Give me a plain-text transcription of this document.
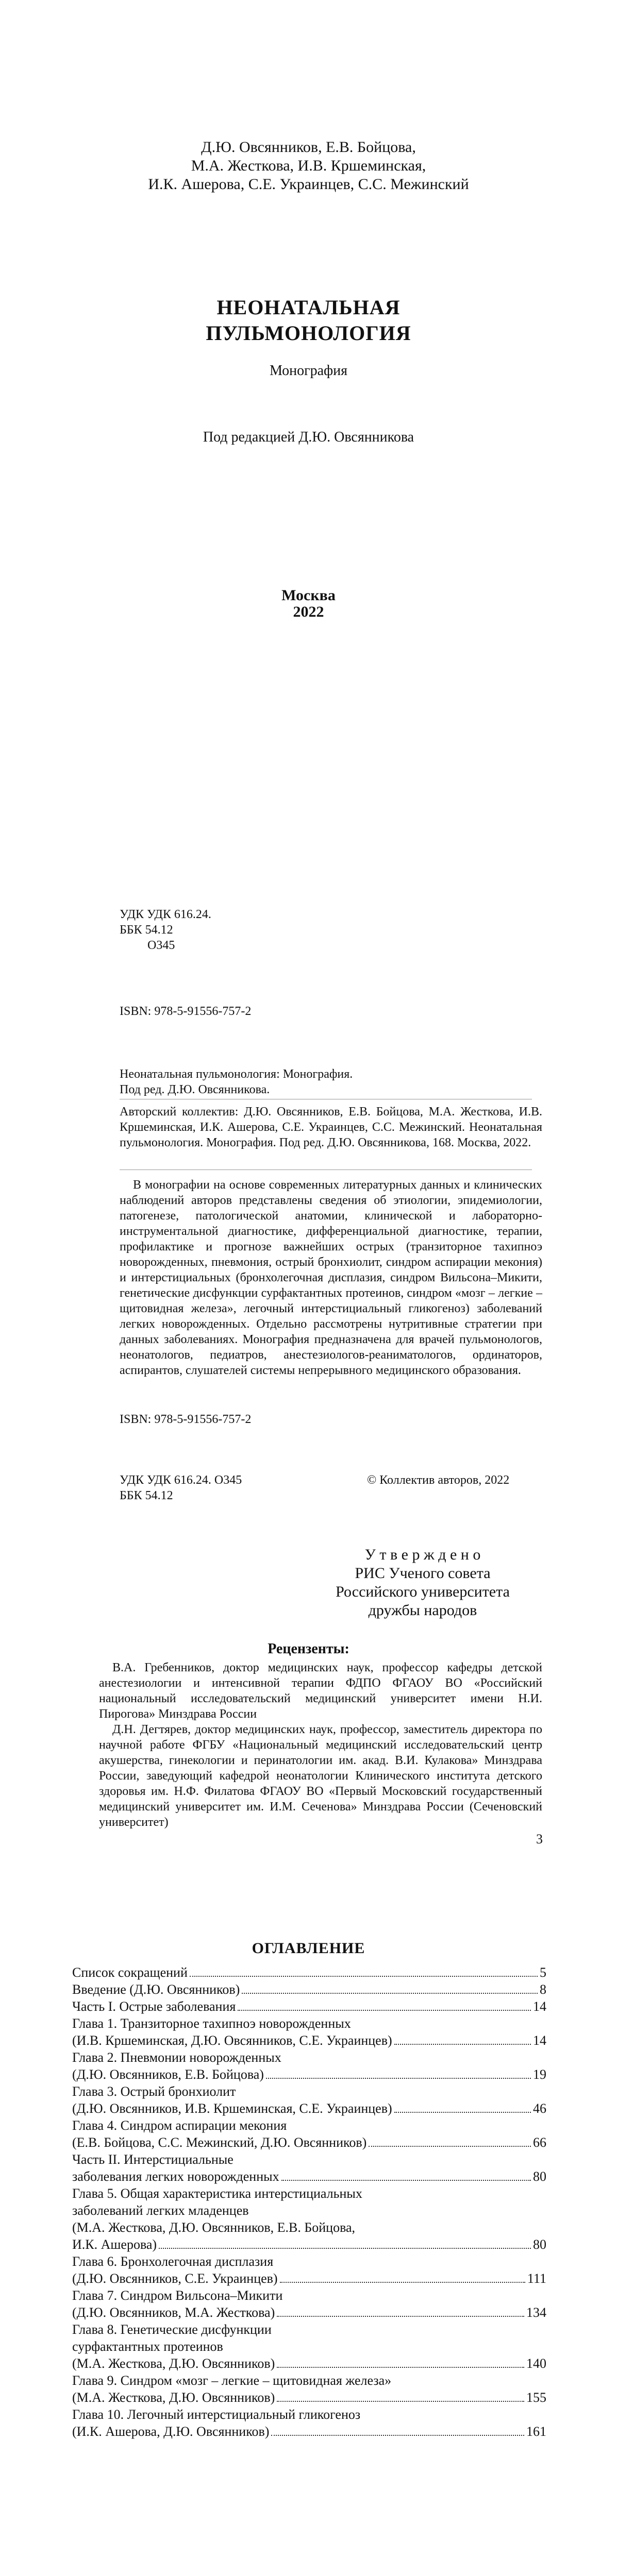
Д.Ю. Овсянников, Е.В. Бойцова,
М.А. Жесткова, И.В. Кршеминская,
И.К. Ашерова, С.Е. Украинцев, С.С. Межинский
НЕОНАТАЛЬНАЯ
ПУЛЬМОНОЛОГИЯ
Монография
Под редакцией Д.Ю. Овсянникова
Москва
2022
УДК УДК 616.24.
ББК 54.12
О345
ISBN: 978-5-91556-757-2
Неонатальная пульмонология: Монография.
Под ред. Д.Ю. Овсянникова.
Авторский коллектив: Д.Ю. Овсянников, Е.В. Бойцова, М.А. Жесткова, И.В. Кршеминская, И.К. Ашерова, С.Е. Украинцев, С.С. Межинский. Неонатальная пульмонология. Монография. Под ред. Д.Ю. Овсянникова, 168. Москва, 2022.
В монографии на основе современных литературных данных и клинических наблюдений авторов представлены сведения об этиологии, эпидемиологии, патогенезе, патологической анатомии, клинической и лабораторно-инструментальной диагностике, дифференциальной диагностике, терапии, профилактике и прогнозе важнейших острых (транзиторное тахипноэ новорожденных, пневмония, острый бронхиолит, синдром аспирации мекония) и интерстициальных (бронхолегочная дисплазия, синдром Вильсона–Микити, генетические дисфункции сурфактантных протеинов, синдром «мозг – легкие – щитовидная железа», легочный интерстициальный гликогеноз) заболеваний легких новорожденных. Отдельно рассмотрены нутритивные стратегии при данных заболеваниях. Монография предназначена для врачей пульмонологов, неонатологов, педиатров, анестезиологов-реаниматологов, ординаторов, аспирантов, слушателей системы непрерывного медицинского образования.
ISBN: 978-5-91556-757-2
УДК УДК 616.24. О345
ББК 54.12
© Коллектив авторов, 2022
У т в е р ж д е н о
РИС Ученого совета
Российского университета
дружбы народов
Рецензенты:

В.А. Гребенников, доктор медицинских наук, профессор кафедры детской анестезиологии и интенсивной терапии ФДПО ФГАОУ ВО «Российский национальный исследовательский медицинский университет имени Н.И. Пирогова» Минздрава России

Д.Н. Дегтярев, доктор медицинских наук, профессор, заместитель директора по научной работе ФГБУ «Национальный медицинский исследовательский центр акушерства, гинекологии и перинатологии им. акад. В.И. Кулакова» Минздрава России, заведующий кафедрой неонатологии Клинического института детского здоровья им. Н.Ф. Филатова ФГАОУ ВО «Первый Московский государственный медицинский университет им. И.М. Сеченова» Минздрава России (Сеченовский университет)

3
ОГЛАВЛЕНИЕ
Список сокращений	5
Введение (Д.Ю. Овсянников)	8
Часть I. Острые заболевания	14
Глава 1. Транзиторное тахипноэ новорожденных
(И.В. Кршеминская, Д.Ю. Овсянников, С.Е. Украинцев)	14
Глава 2. Пневмонии новорожденных
(Д.Ю. Овсянников, Е.В. Бойцова)	19
Глава 3. Острый бронхиолит
(Д.Ю. Овсянников, И.В. Кршеминская, С.Е. Украинцев)	46
Глава 4. Синдром аспирации мекония
(Е.В. Бойцова, С.С. Межинский, Д.Ю. Овсянников)	66
Часть II. Интерстициальные
заболевания легких новорожденных	80
Глава 5. Общая характеристика интерстициальных
заболеваний легких младенцев
(М.А. Жесткова, Д.Ю. Овсянников, Е.В. Бойцова,
И.К. Ашерова)	80
Глава 6. Бронхолегочная дисплазия
(Д.Ю. Овсянников, С.Е. Украинцев)	111
Глава 7. Синдром Вильсона–Микити
(Д.Ю. Овсянников, М.А. Жесткова)	134
Глава 8. Генетические дисфункции
сурфактантных протеинов
(М.А. Жесткова, Д.Ю. Овсянников)	140
Глава 9. Синдром «мозг – легкие – щитовидная железа»
(М.А. Жесткова, Д.Ю. Овсянников)	155
Глава 10. Легочный интерстициальный гликогеноз
(И.К. Ашерова, Д.Ю. Овсянников)	161
